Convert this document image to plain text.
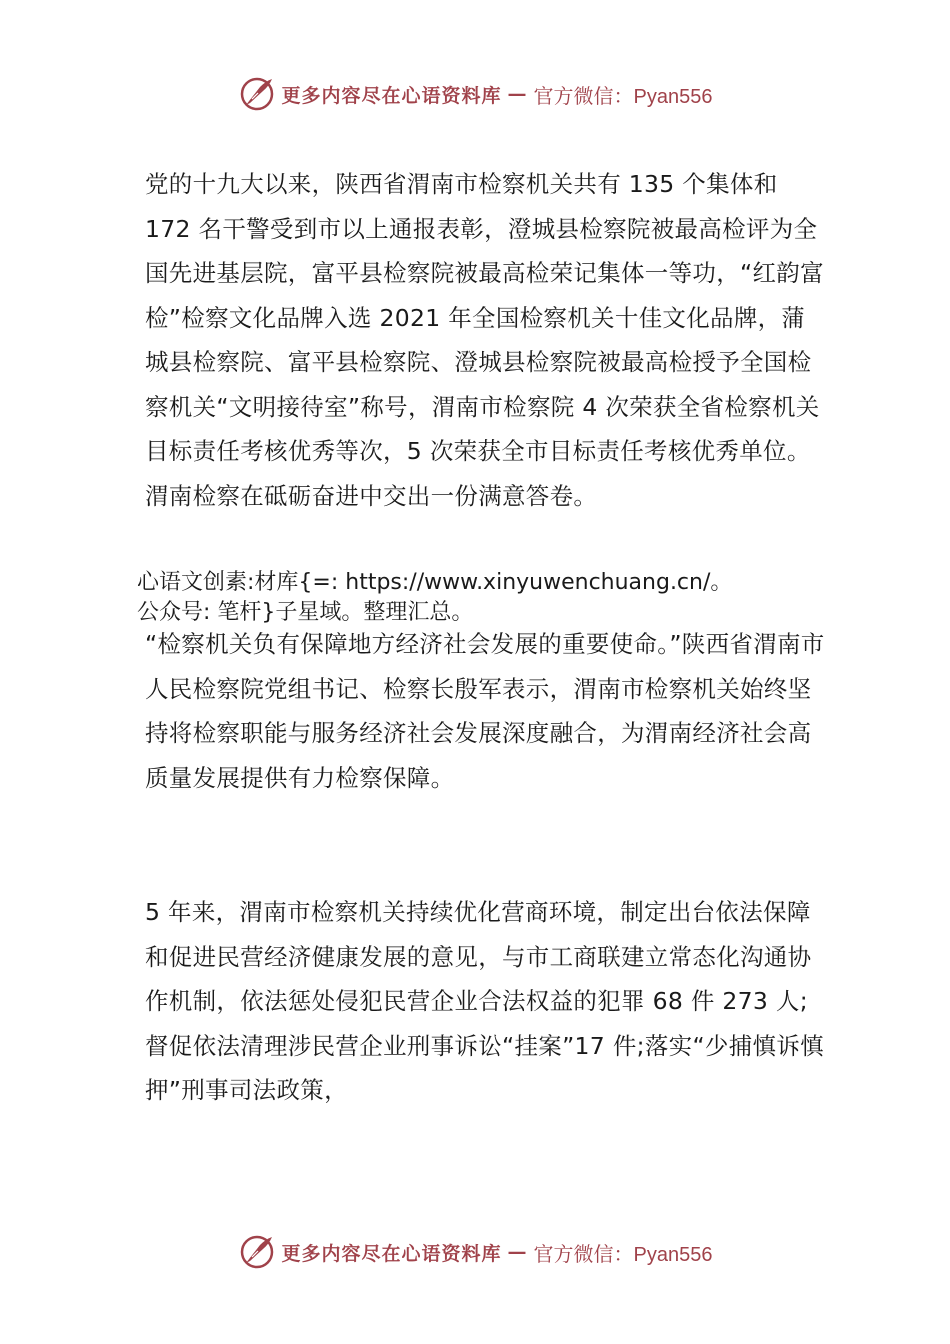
更多内容尽在心语资料库 — 官方微信：Pyan556

党的十九大以来，陕西省渭南市检察机关共有 135 个集体和 172 名干警受到市以上通报表彰，澄城县检察院被最高检评为全国先进基层院，富平县检察院被最高检荣记集体一等功，“红韵富检”检察文化品牌入选 2021 年全国检察机关十佳文化品牌，蒲城县检察院、富平县检察院、澄城县检察院被最高检授予全国检察机关“文明接待室”称号，渭南市检察院 4 次荣获全省检察机关目标责任考核优秀等次，5 次荣获全市目标责任考核优秀单位。渭南检察在砥砺奋进中交出一份满意答卷。

心语文创素:材库{=: https://www.xinyuwenchuang.cn/。
公众号: 笔杆}子星域。整理汇总。

“检察机关负有保障地方经济社会发展的重要使命。”陕西省渭南市人民检察院党组书记、检察长殷军表示，渭南市检察机关始终坚持将检察职能与服务经济社会发展深度融合，为渭南经济社会高质量发展提供有力检察保障。

5 年来，渭南市检察机关持续优化营商环境，制定出台依法保障和促进民营经济健康发展的意见，与市工商联建立常态化沟通协作机制，依法惩处侵犯民营企业合法权益的犯罪 68 件 273 人;督促依法清理涉民营企业刑事诉讼“挂案”17 件;落实“少捕慎诉慎押”刑事司法政策，

更多内容尽在心语资料库 — 官方微信：Pyan556
